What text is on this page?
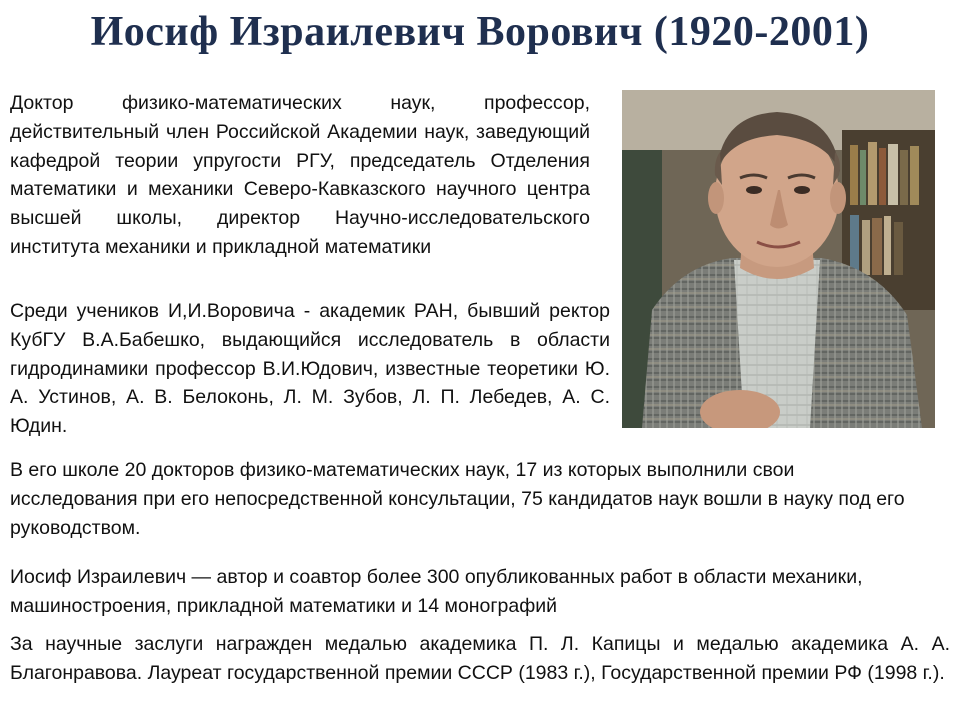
Иосиф Израилевич Ворович (1920-2001)
Доктор физико-математических наук, профессор, действительный член Российской Академии наук, заведующий кафедрой теории упругости РГУ, председатель Отделения математики и механики Северо-Кавказского научного центра высшей школы, директор Научно-исследовательского института механики и прикладной математики
Среди учеников И,И.Воровича - академик РАН, бывший ректор КубГУ В.А.Бабешко, выдающийся исследователь в области гидродинамики профессор В.И.Юдович, известные теоретики Ю. А. Устинов, А. В. Белоконь, Л. М. Зубов, Л. П. Лебедев, А. С. Юдин.
В его школе 20 докторов физико-математических наук, 17 из которых выполнили свои исследования при его непосредственной консультации, 75 кандидатов наук вошли в науку под его руководством.
Иосиф Израилевич — автор и соавтор более 300 опубликованных работ в области механики, машиностроения, прикладной математики и 14 монографий
За научные заслуги награжден медалью академика П. Л. Капицы и медалью академика А. А. Благонравова. Лауреат государственной премии СССР (1983 г.), Государственной премии РФ (1998 г.).
